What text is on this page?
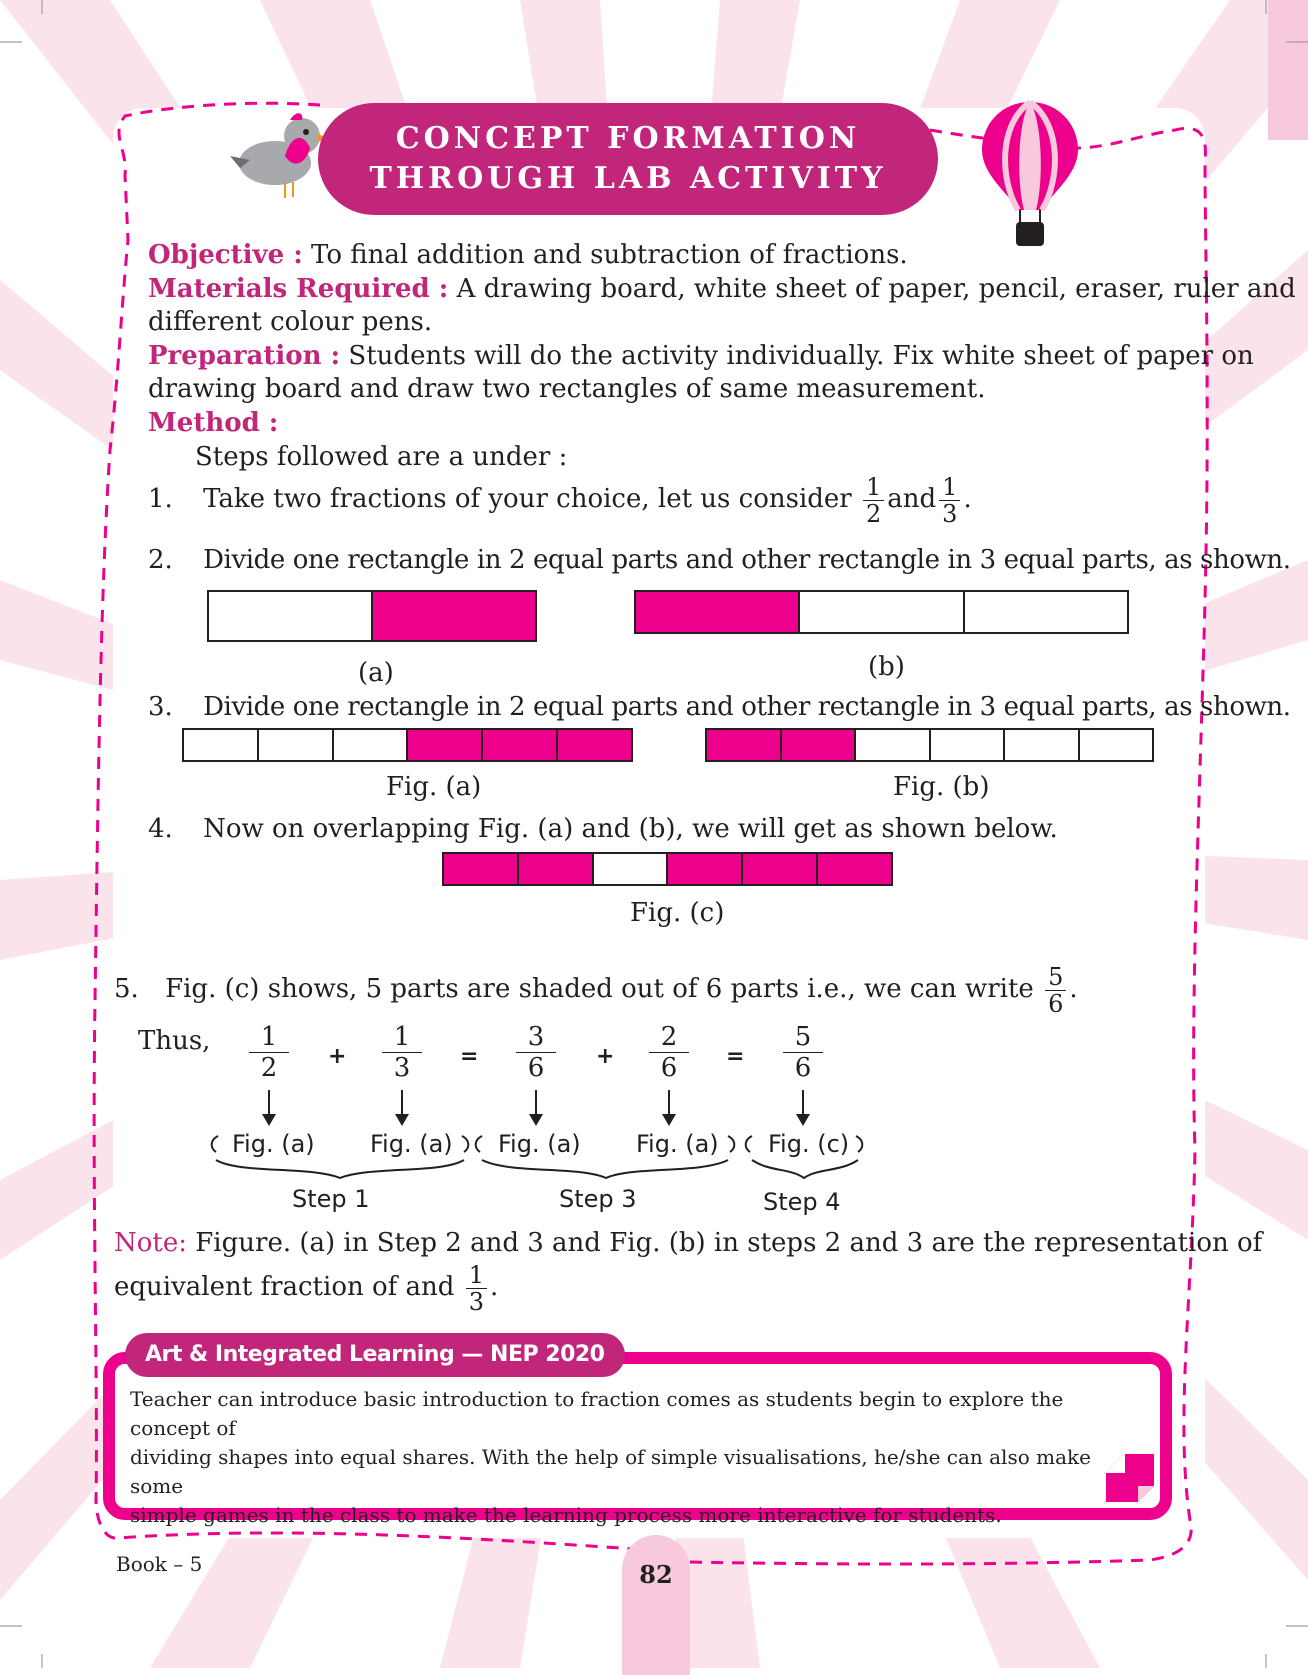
CONCEPT FORMATION
THROUGH LAB ACTIVITY
Objective : To final addition and subtraction of fractions.
Materials Required : A drawing board, white sheet of paper, pencil, eraser, ruler and
different colour pens.
Preparation : Students will do the activity individually. Fix white sheet of paper on
drawing board and draw two rectangles of same measurement.
Method :
Steps followed are a under :
1. Take two fractions of your choice, let us consider $\frac{1}{2}$ and $\frac{1}{3}$ .
2. Divide one rectangle in 2 equal parts and other rectangle in 3 equal parts, as shown.
(a)	(b)
3. Divide one rectangle in 2 equal parts and other rectangle in 3 equal parts, as shown.
Fig. (a)	Fig. (b)
4. Now on overlapping Fig. (a) and (b), we will get as shown below.
Fig. (c)
5. Fig. (c) shows, 5 parts are shaded out of 6 parts i.e., we can write $\frac{5}{6}$ .
Thus, $\frac{1}{2} + \frac{1}{3} = \frac{3}{6} + \frac{2}{6} = \frac{5}{6}$
Fig. (a) Fig. (a) Fig. (a) Fig. (a) Fig. (c)
Step 1	Step 3	Step 4
Note: Figure. (a) in Step 2 and 3 and Fig. (b) in steps 2 and 3 are the representation of
equivalent fraction of and $\frac{1}{3}$ .
Art & Integrated Learning — NEP 2020
Teacher can introduce basic introduction to fraction comes as students begin to explore the concept of
dividing shapes into equal shares. With the help of simple visualisations, he/she can also make some
simple games in the class to make the learning process more interactive for students.
Book – 5	82
